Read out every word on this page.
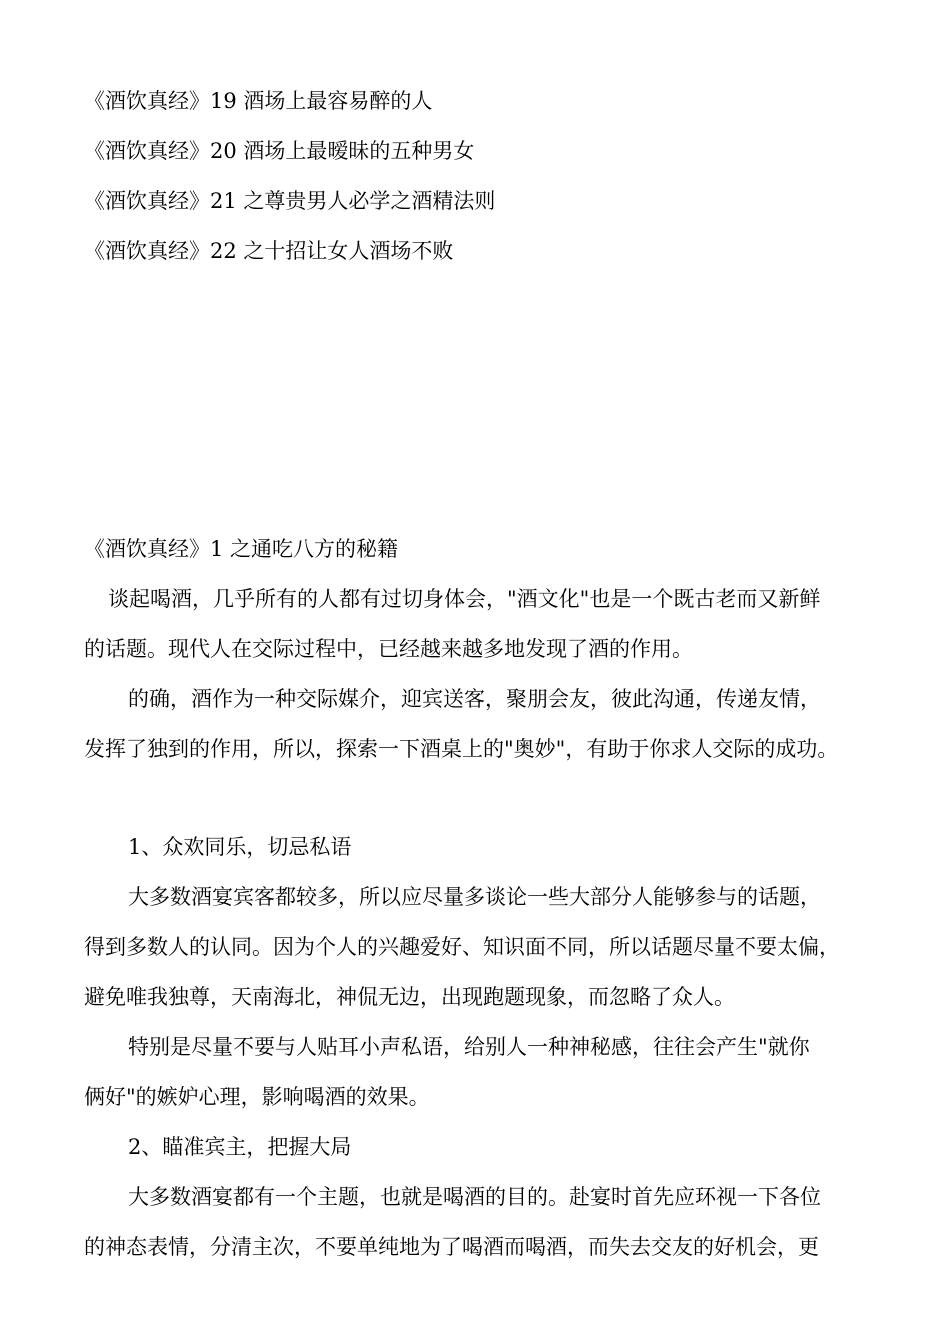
《酒饮真经》19 酒场上最容易醉的人
《酒饮真经》20 酒场上最暧昧的五种男女
《酒饮真经》21 之尊贵男人必学之酒精法则
《酒饮真经》22 之十招让女人酒场不败
《酒饮真经》1 之通吃八方的秘籍
谈起喝酒，几乎所有的人都有过切身体会，"酒文化"也是一个既古老而又新鲜
的话题。现代人在交际过程中，已经越来越多地发现了酒的作用。
的确，酒作为一种交际媒介，迎宾送客，聚朋会友，彼此沟通，传递友情，
发挥了独到的作用，所以，探索一下酒桌上的"奥妙"，有助于你求人交际的成功。
1、众欢同乐，切忌私语
大多数酒宴宾客都较多，所以应尽量多谈论一些大部分人能够参与的话题，
得到多数人的认同。因为个人的兴趣爱好、知识面不同，所以话题尽量不要太偏，
避免唯我独尊，天南海北，神侃无边，出现跑题现象，而忽略了众人。
特别是尽量不要与人贴耳小声私语，给别人一种神秘感，往往会产生"就你
俩好"的嫉妒心理，影响喝酒的效果。
2、瞄准宾主，把握大局
大多数酒宴都有一个主题，也就是喝酒的目的。赴宴时首先应环视一下各位
的神态表情，分清主次，不要单纯地为了喝酒而喝酒，而失去交友的好机会，更
